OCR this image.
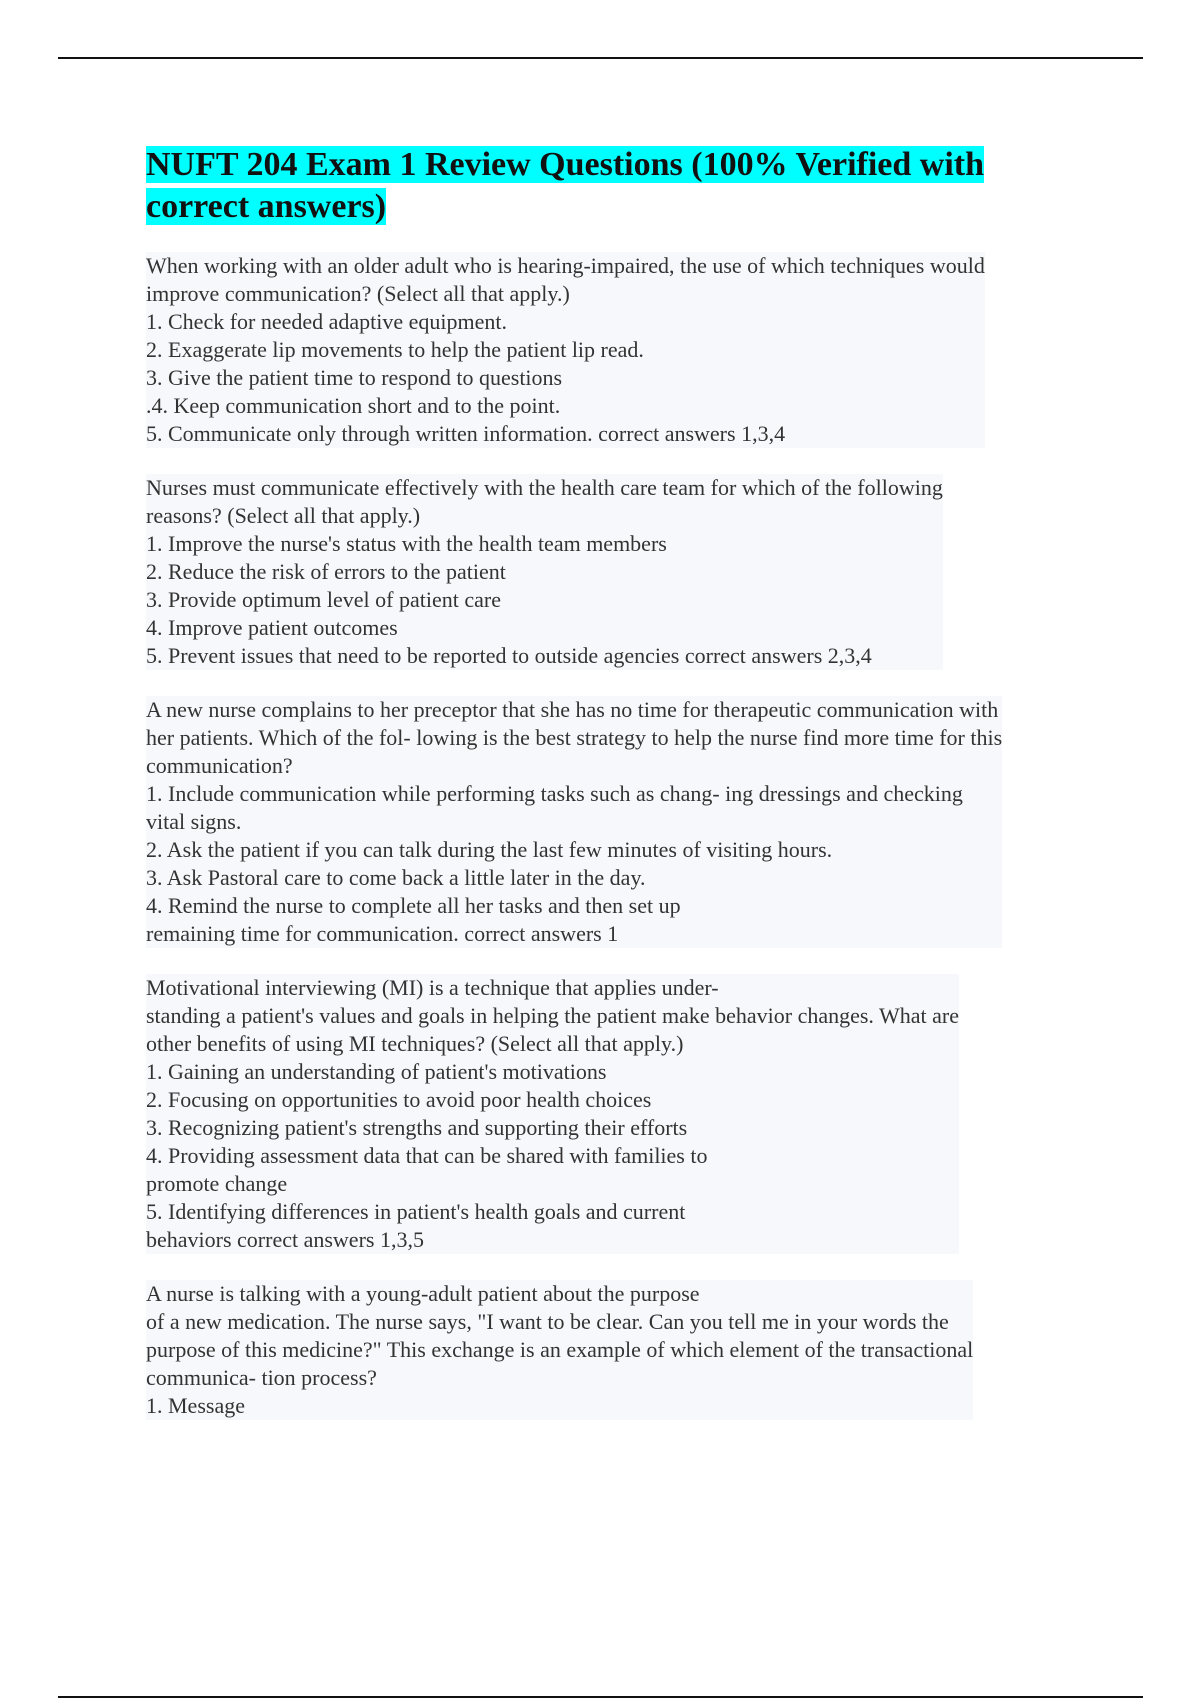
NUFT 204 Exam 1 Review Questions (100% Verified with
correct answers)
When working with an older adult who is hearing-impaired, the use of which techniques would
improve communication? (Select all that apply.)
1. Check for needed adaptive equipment.
2. Exaggerate lip movements to help the patient lip read.
3. Give the patient time to respond to questions
.4. Keep communication short and to the point.
5. Communicate only through written information. correct answers 1,3,4

Nurses must communicate effectively with the health care team for which of the following
reasons? (Select all that apply.)
1. Improve the nurse's status with the health team members
2. Reduce the risk of errors to the patient
3. Provide optimum level of patient care
4. Improve patient outcomes
5. Prevent issues that need to be reported to outside agencies correct answers 2,3,4

A new nurse complains to her preceptor that she has no time for therapeutic communication with
her patients. Which of the fol- lowing is the best strategy to help the nurse find more time for this
communication?
1. Include communication while performing tasks such as chang- ing dressings and checking
vital signs.
2. Ask the patient if you can talk during the last few minutes of visiting hours.
3. Ask Pastoral care to come back a little later in the day.
4. Remind the nurse to complete all her tasks and then set up
remaining time for communication. correct answers 1

Motivational interviewing (MI) is a technique that applies under-
standing a patient's values and goals in helping the patient make behavior changes. What are
other benefits of using MI techniques? (Select all that apply.)
1. Gaining an understanding of patient's motivations
2. Focusing on opportunities to avoid poor health choices
3. Recognizing patient's strengths and supporting their efforts
4. Providing assessment data that can be shared with families to
promote change
5. Identifying differences in patient's health goals and current
behaviors correct answers 1,3,5

A nurse is talking with a young-adult patient about the purpose
of a new medication. The nurse says, "I want to be clear. Can you tell me in your words the
purpose of this medicine?" This exchange is an example of which element of the transactional
communica- tion process?
1. Message
